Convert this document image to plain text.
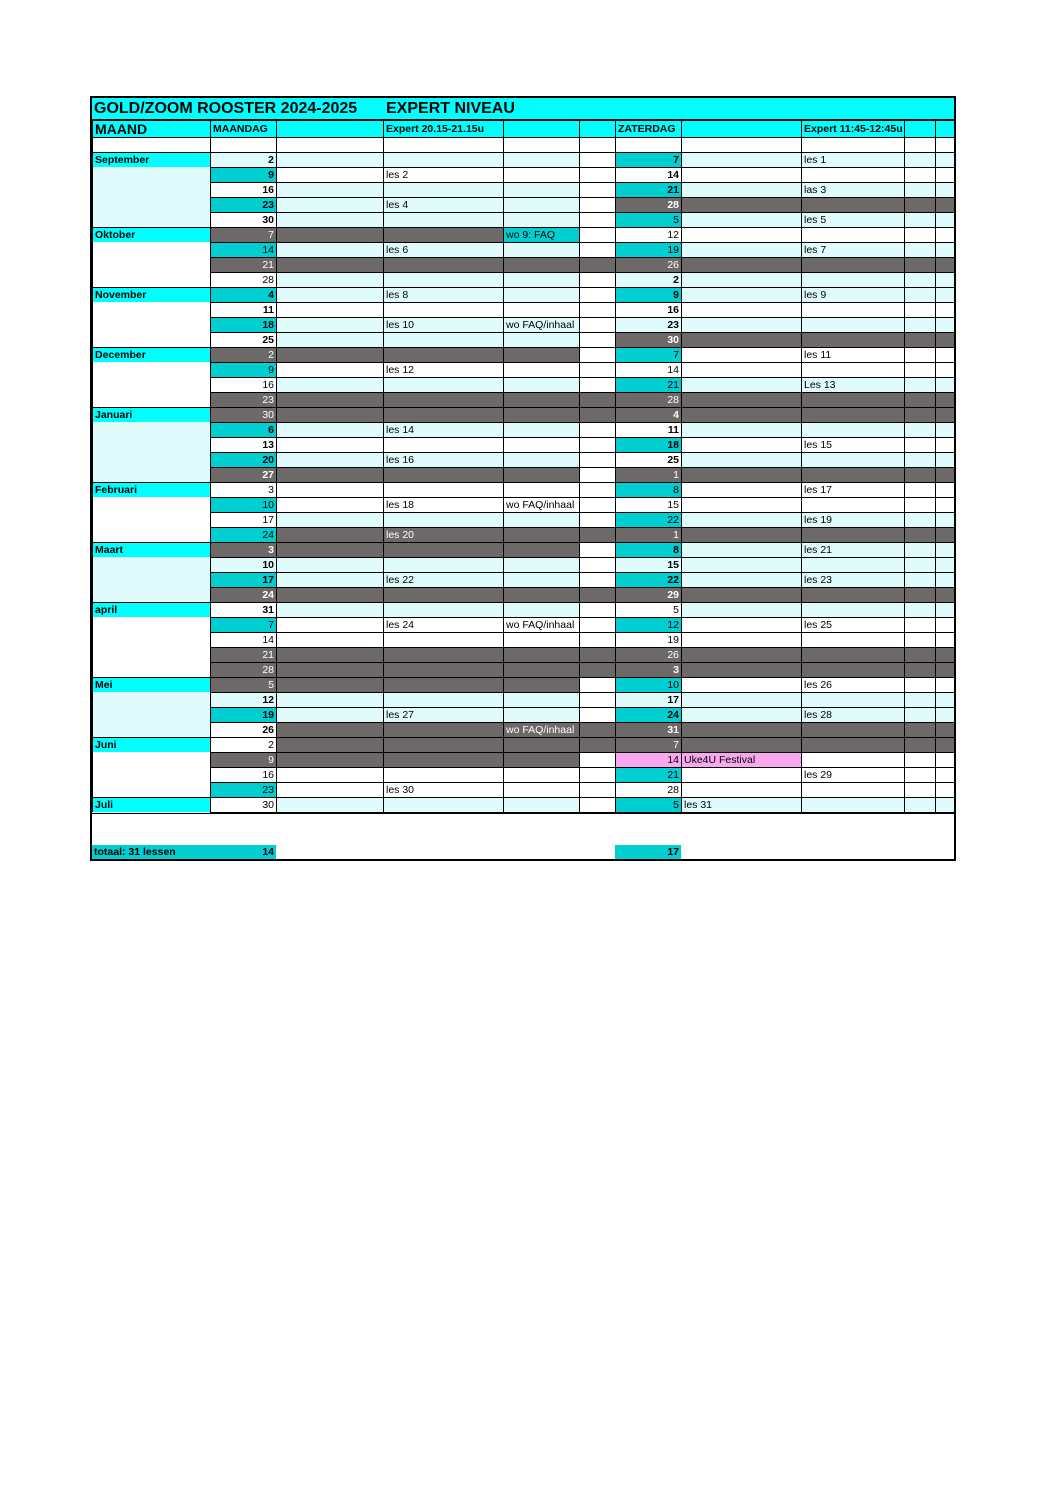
GOLD/ZOOM ROOSTER 2024-2025 EXPERT NIVEAU
MAAND	MAANDAG		Expert 20.15-21.15u			ZATERDAG		Expert 11:45-12:45u		

September	2					7		les 1		
	9		les 2			14				
	16					21		las 3		
	23		les 4			28				
	30					5		les 5		

Oktober	7			wo 9: FAQ		12				
	14		les 6			19		les 7		
	21					26				
	28					2				

November	4		les 8			9		les 9		
	11					16				
	18		les 10	wo FAQ/inhaal		23				
	25					30				

December	2					7		les 11		
	9		les 12			14				
	16					21		Les 13		
	23					28				

Januari	30					4				
	6		les 14			11				
	13					18		les 15		
	20		les 16			25				
	27					1				

Februari	3					8		les 17		
	10		les 18	wo FAQ/inhaal		15				
	17					22		les 19		
	24		les 20			1				

Maart	3					8		les 21		
	10					15				
	17		les 22			22		les 23		
	24					29				

april	31					5				
	7		les 24	wo FAQ/inhaal		12		les 25		
	14					19				
	21					26				
	28					3				

Mei	5					10		les 26		
	12					17				
	19		les 27			24		les 28		
	26			wo FAQ/inhaal		31				

Juni	2					7				
	9					14	Uke4U Festival			
	16					21		les 29		
	23		les 30			28				

Juli	30					5	les 31			

totaal: 31 lessen	14					17	
